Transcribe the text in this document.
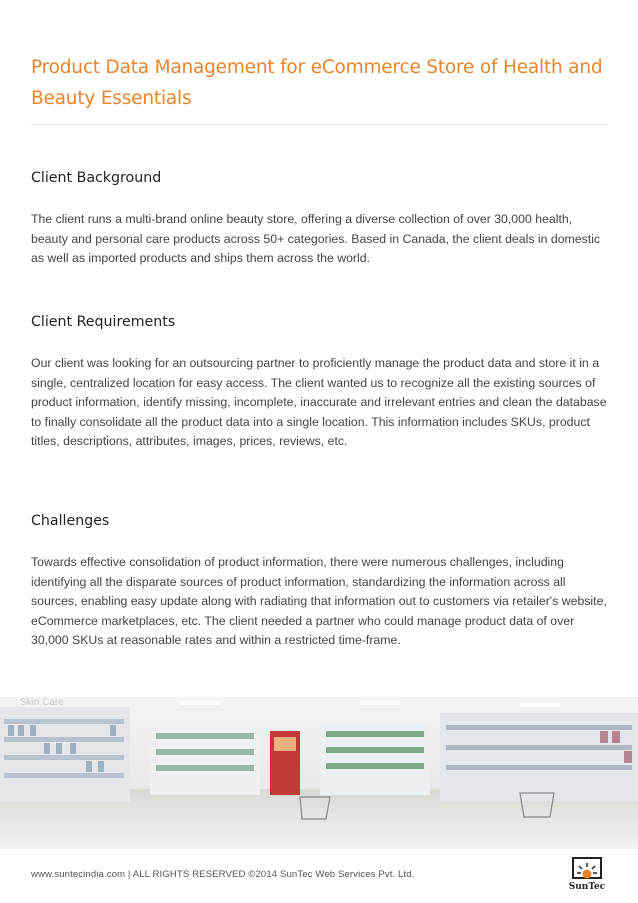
Product Data Management for eCommerce Store of Health and Beauty Essentials
Client Background

The client runs a multi-brand online beauty store, offering a diverse collection of over 30,000 health, beauty and personal care products across 50+ categories. Based in Canada, the client deals in domestic as well as imported products and ships them across the world.

Client Requirements

Our client was looking for an outsourcing partner to proficiently manage the product data and store it in a single, centralized location for easy access. The client wanted us to recognize all the existing sources of product information, identify missing, incomplete, inaccurate and irrelevant entries and clean the database to finally consolidate all the product data into a single location. This information includes SKUs, product titles, descriptions, attributes, images, prices, reviews, etc.

Challenges

Towards effective consolidation of product information, there were numerous challenges, including identifying all the disparate sources of product information, standardizing the information across all sources, enabling easy update along with radiating that information out to customers via retailer's website, eCommerce marketplaces, etc. The client needed a partner who could manage product data of over 30,000 SKUs at reasonable rates and within a restricted time-frame.

Skin Care
www.suntecindia.com | ALL RIGHTS RESERVED ©2014 SunTec Web Services Pvt. Ltd.
SunTec
